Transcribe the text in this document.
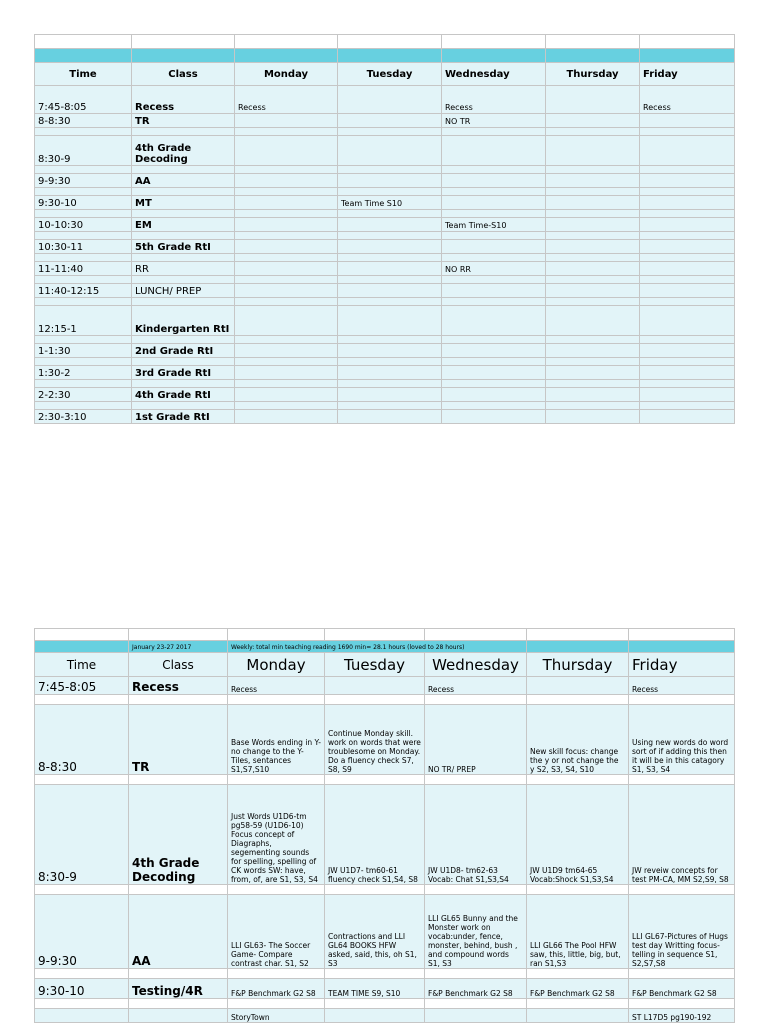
Time	Class	Monday	Tuesday	Wednesday	Thursday	Friday
7:45-8:05	Recess	Recess		Recess		Recess
8-8:30	TR			NO TR		

8:30-9	4th Grade Decoding					

9-9:30	AA					

9:30-10	MT		Team Time S10			

10-10:30	EM			Team Time-S10		

10:30-11	5th Grade RtI					

11-11:40	RR			NO RR		

11:40-12:15	LUNCH/ PREP					

12:15-1	Kindergarten RtI					

1-1:30	2nd Grade RtI					

1:30-2	3rd Grade RtI					

2-2:30	4th Grade RtI					

2:30-3:10	1st Grade RtI					

	January 23-27 2017	Weekly: total min teaching reading 1690 min= 28.1 hours (loved to 28 hours)				
Time	Class	Monday	Tuesday	Wednesday	Thursday	Friday
7:45-8:05	Recess	Recess		Recess		Recess

8-8:30	TR	Base Words ending in Y- no change to the Y- Tiles, sentances S1,S7,S10	Continue Monday skill. work on words that were troublesome on Monday. Do a fluency check S7, S8, S9	NO TR/ PREP	New skill focus: change the y or not change the y S2, S3, S4, S10	Using new words do word sort of if adding this then it will be in this catagory S1, S3, S4

8:30-9	4th Grade Decoding	Just Words U1D6-tm pg58-59 (U1D6-10) Focus concept of Diagraphs, segementing sounds for spelling, spelling of CK words SW: have, from, of, are S1, S3, S4	JW U1D7- tm60-61 fluency check S1,S4, S8	JW U1D8- tm62-63 Vocab: Chat S1,S3,S4	JW U1D9 tm64-65 Vocab:Shock S1,S3,S4	JW reveiw concepts for test PM-CA, MM S2,S9, S8

9-9:30	AA	LLI GL63- The Soccer Game- Compare contrast char. S1, S2	Contractions and LLI GL64 BOOKS HFW asked, said, this, oh S1, S3	LLI GL65 Bunny and the Monster work on vocab:under, fence, monster, behind, bush , and compound words S1, S3	LLI GL66 The Pool HFW saw, this, little, big, but, ran S1,S3	LLI GL67-Pictures of Hugs test day Writting focus- telling in sequence S1, S2,S7,S8

9:30-10	Testing/4R	F&P Benchmark G2 S8	TEAM TIME S9, S10	F&P Benchmark G2 S8	F&P Benchmark G2 S8	F&P Benchmark G2 S8

		StoryTown				ST L17D5 pg190-192
